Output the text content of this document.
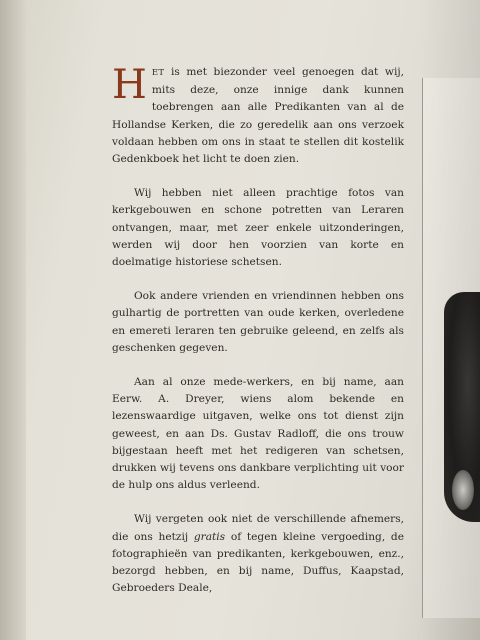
HET is met biezonder veel genoegen dat wij, mits deze, onze innige dank kunnen toebrengen aan alle Predikanten van al de Hollandse Kerken, die zo geredelik aan ons verzoek voldaan hebben om ons in staat te stellen dit kostelik Gedenkboek het licht te doen zien.

Wij hebben niet alleen prachtige fotos van kerkgebouwen en schone potretten van Leraren ontvangen, maar, met zeer enkele uitzonderingen, werden wij door hen voorzien van korte en doelmatige historiese schetsen.

Ook andere vrienden en vriendinnen hebben ons gulhartig de portretten van oude kerken, overledene en emereti leraren ten gebruike geleend, en zelfs als geschenken gegeven.

Aan al onze mede-werkers, en bij name, aan Eerw. A. Dreyer, wiens alom bekende en lezenswaardige uitgaven, welke ons tot dienst zijn geweest, en aan Ds. Gustav Radloff, die ons trouw bijgestaan heeft met het redigeren van schetsen, drukken wij tevens ons dankbare verplichting uit voor de hulp ons aldus verleend.

Wij vergeten ook niet de verschillende afnemers, die ons hetzij gratis of tegen kleine vergoeding, de fotographieën van predikanten, kerkgebouwen, enz., bezorgd hebben, en bij name, Duffus, Kaapstad, Gebroeders Deale,
